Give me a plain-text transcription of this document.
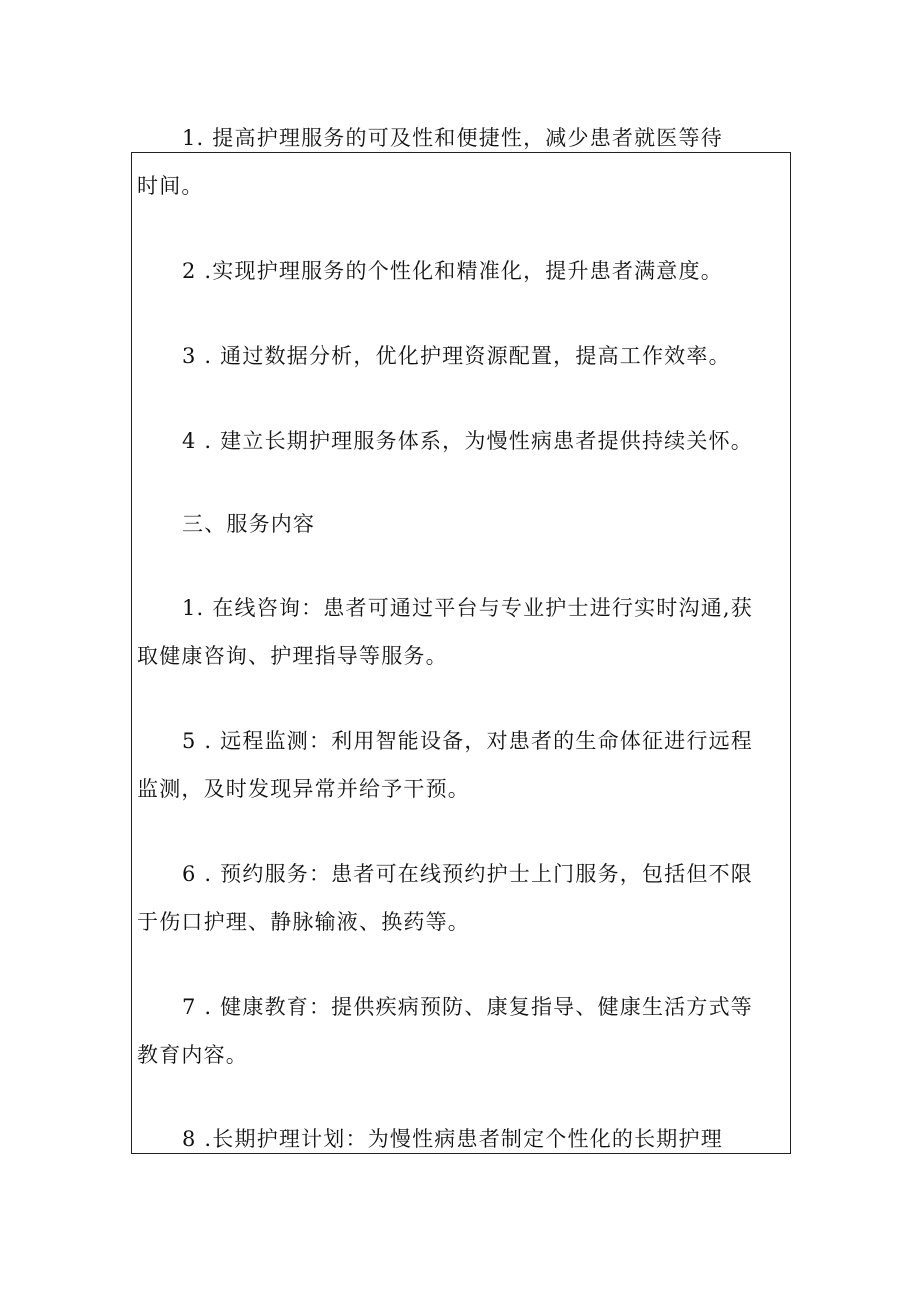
1. 提高护理服务的可及性和便捷性，减少患者就医等待
时间。
2 .实现护理服务的个性化和精准化，提升患者满意度。
3 . 通过数据分析，优化护理资源配置，提高工作效率。
4 . 建立长期护理服务体系，为慢性病患者提供持续关怀。
三、服务内容
1. 在线咨询：患者可通过平台与专业护士进行实时沟通,获
取健康咨询、护理指导等服务。
5 . 远程监测：利用智能设备，对患者的生命体征进行远程
监测，及时发现异常并给予干预。
6 . 预约服务：患者可在线预约护士上门服务，包括但不限
于伤口护理、静脉输液、换药等。
7 . 健康教育：提供疾病预防、康复指导、健康生活方式等
教育内容。
8 .长期护理计划：为慢性病患者制定个性化的长期护理
